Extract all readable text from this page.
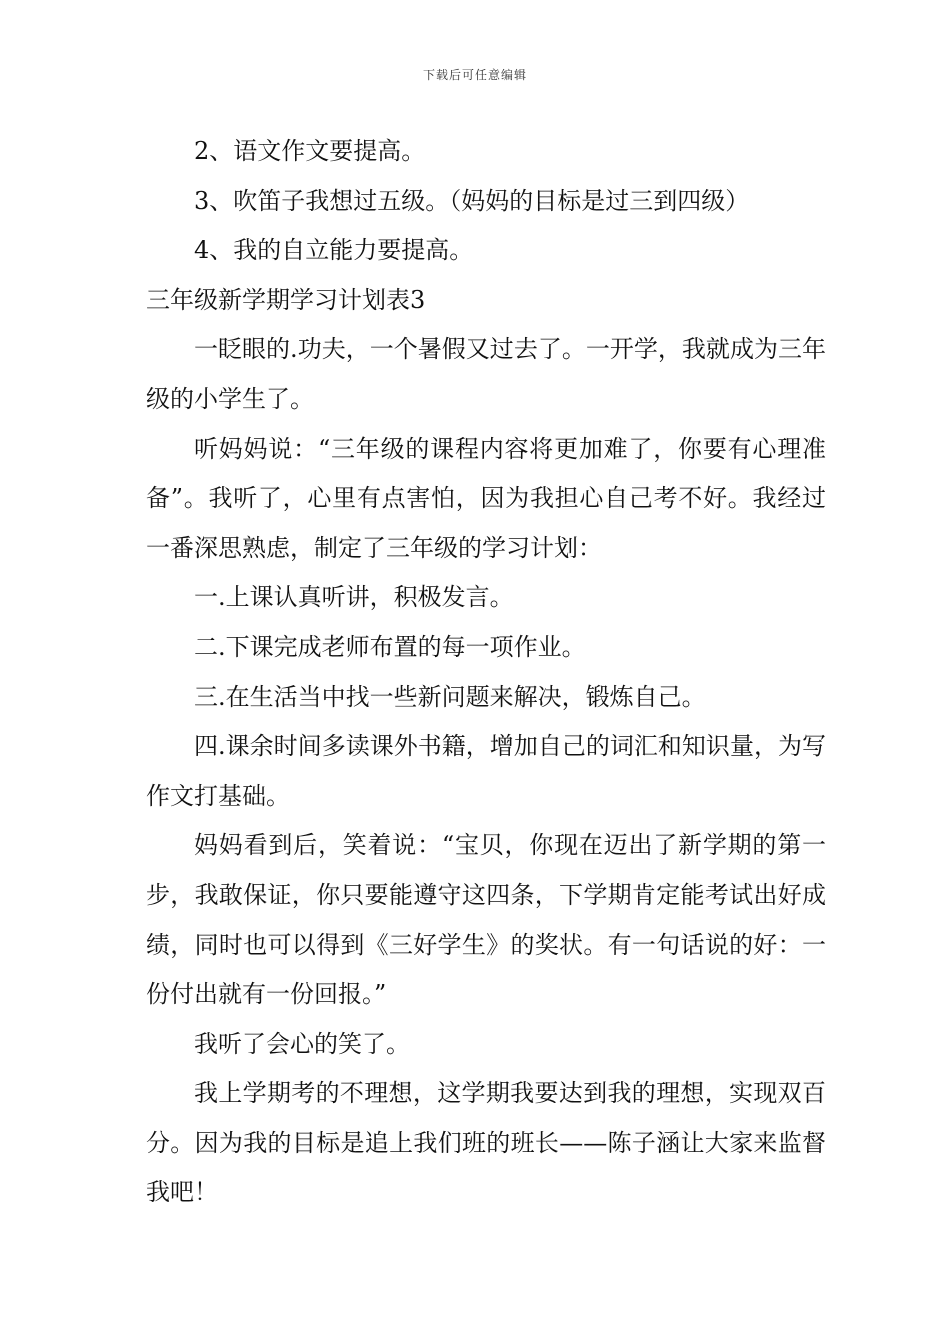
下载后可任意编辑

2、语文作文要提高。

3、吹笛子我想过五级。（妈妈的目标是过三到四级）

4、我的自立能力要提高。

三年级新学期学习计划表3

一眨眼的.功夫，一个暑假又过去了。一开学，我就成为三年级的小学生了。

听妈妈说：“三年级的课程内容将更加难了，你要有心理准备”。我听了，心里有点害怕，因为我担心自己考不好。我经过一番深思熟虑，制定了三年级的学习计划：

一.上课认真听讲，积极发言。

二.下课完成老师布置的每一项作业。

三.在生活当中找一些新问题来解决，锻炼自己。

四.课余时间多读课外书籍，增加自己的词汇和知识量，为写作文打基础。

妈妈看到后，笑着说：“宝贝，你现在迈出了新学期的第一步，我敢保证，你只要能遵守这四条，下学期肯定能考试出好成绩，同时也可以得到《三好学生》的奖状。有一句话说的好：一份付出就有一份回报。”

我听了会心的笑了。

我上学期考的不理想，这学期我要达到我的理想，实现双百分。因为我的目标是追上我们班的班长——陈子涵让大家来监督我吧！
